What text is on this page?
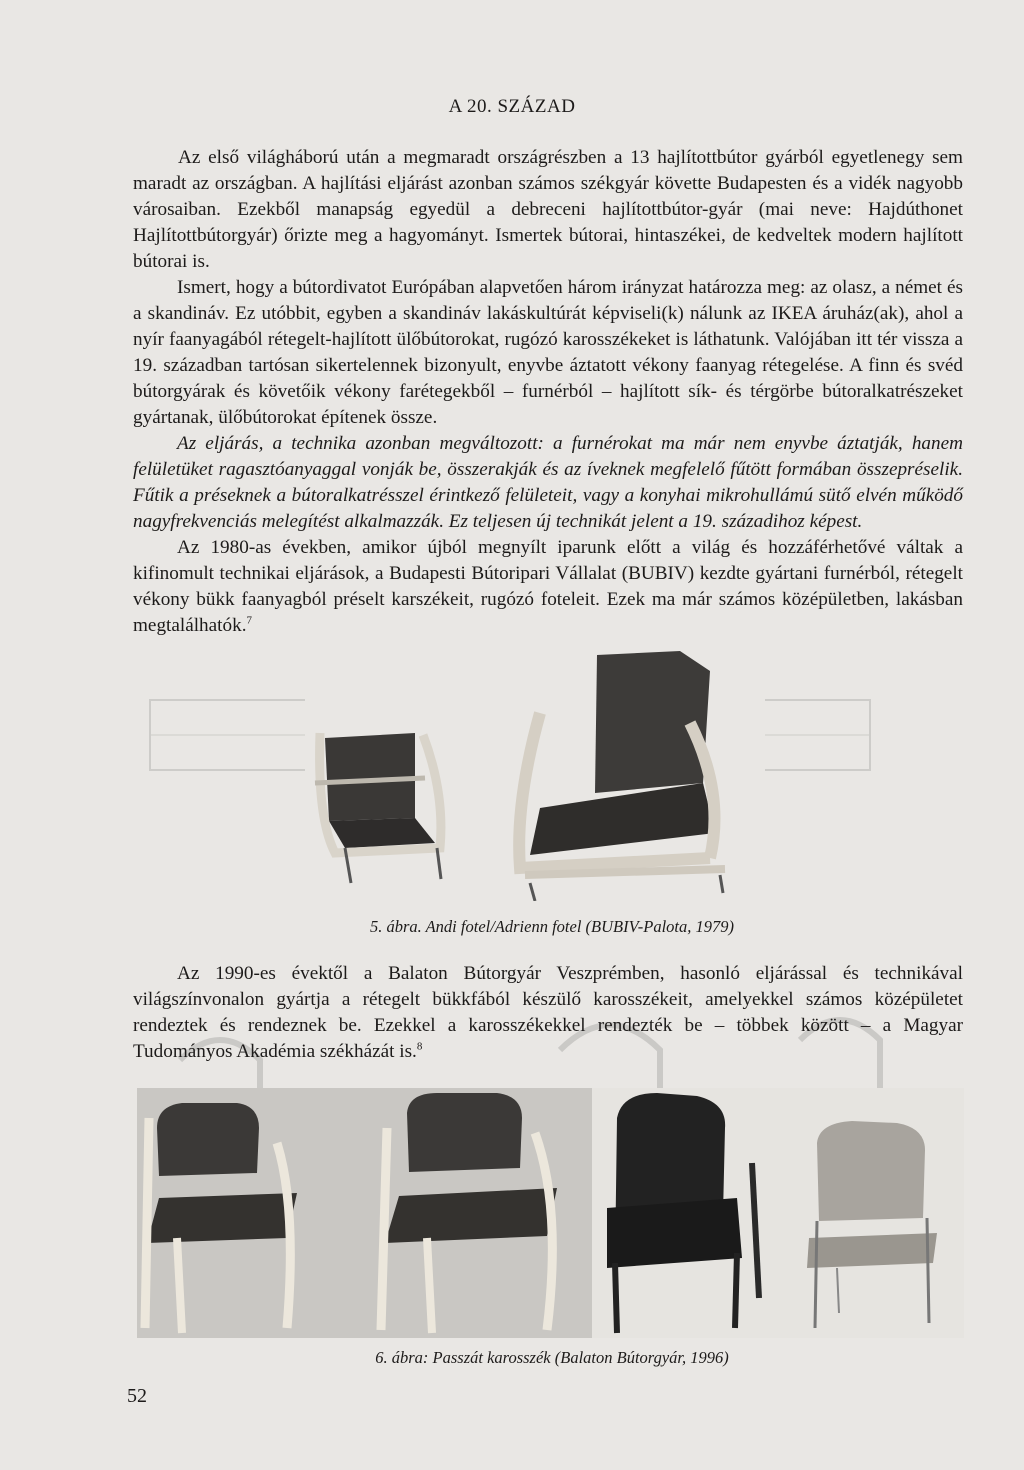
A 20. SZÁZAD

Az első világháború után a megmaradt országrészben a 13 hajlítottbútor gyárból egyetlenegy sem maradt az országban. A hajlítási eljárást azonban számos székgyár követte Budapesten és a vidék nagyobb városaiban. Ezekből manapság egyedül a debreceni hajlítottbútor-gyár (mai neve: Hajdúthonet Hajlítottbútorgyár) őrizte meg a hagyományt. Ismertek bútorai, hintaszékei, de kedveltek modern hajlított bútorai is.

Ismert, hogy a bútordivatot Európában alapvetően három irányzat határozza meg: az olasz, a német és a skandináv. Ez utóbbit, egyben a skandináv lakáskultúrát képviseli(k) nálunk az IKEA áruház(ak), ahol a nyír faanyagából rétegelt-hajlított ülőbútorokat, rugózó karosszékeket is láthatunk. Valójában itt tér vissza a 19. században tartósan sikertelennek bizonyult, enyvbe áztatott vékony faanyag rétegelése. A finn és svéd bútorgyárak és követőik vékony farétegekből – furnérból – hajlított sík- és térgörbe bútoralkatrészeket gyártanak, ülőbútorokat építenek össze.

Az eljárás, a technika azonban megváltozott: a furnérokat ma már nem enyvbe áztatják, hanem felületüket ragasztóanyaggal vonják be, összerakják és az íveknek megfelelő fűtött formában összepréselik. Fűtik a préseknek a bútoralkatrésszel érintkező felületeit, vagy a konyhai mikrohullámú sütő elvén működő nagyfrekvenciás melegítést alkalmazzák. Ez teljesen új technikát jelent a 19. századihoz képest.

Az 1980-as években, amikor újból megnyílt iparunk előtt a világ és hozzáférhetővé váltak a kifinomult technikai eljárások, a Budapesti Bútoripari Vállalat (BUBIV) kezdte gyártani furnérból, rétegelt vékony bükk faanyagból préselt karszékeit, rugózó foteleit. Ezek ma már számos középületben, lakásban megtalálhatók.$^7$

5. ábra. Andi fotel/Adrienn fotel (BUBIV-Palota, 1979)

Az 1990-es évektől a Balaton Bútorgyár Veszprémben, hasonló eljárással és technikával világszínvonalon gyártja a rétegelt bükkfából készülő karosszékeit, amelyekkel számos középületet rendeztek és rendeznek be. Ezekkel a karosszékekkel rendezték be – többek között – a Magyar Tudományos Akadémia székházát is.$^8$

6. ábra: Passzát karosszék (Balaton Bútorgyár, 1996)
52
